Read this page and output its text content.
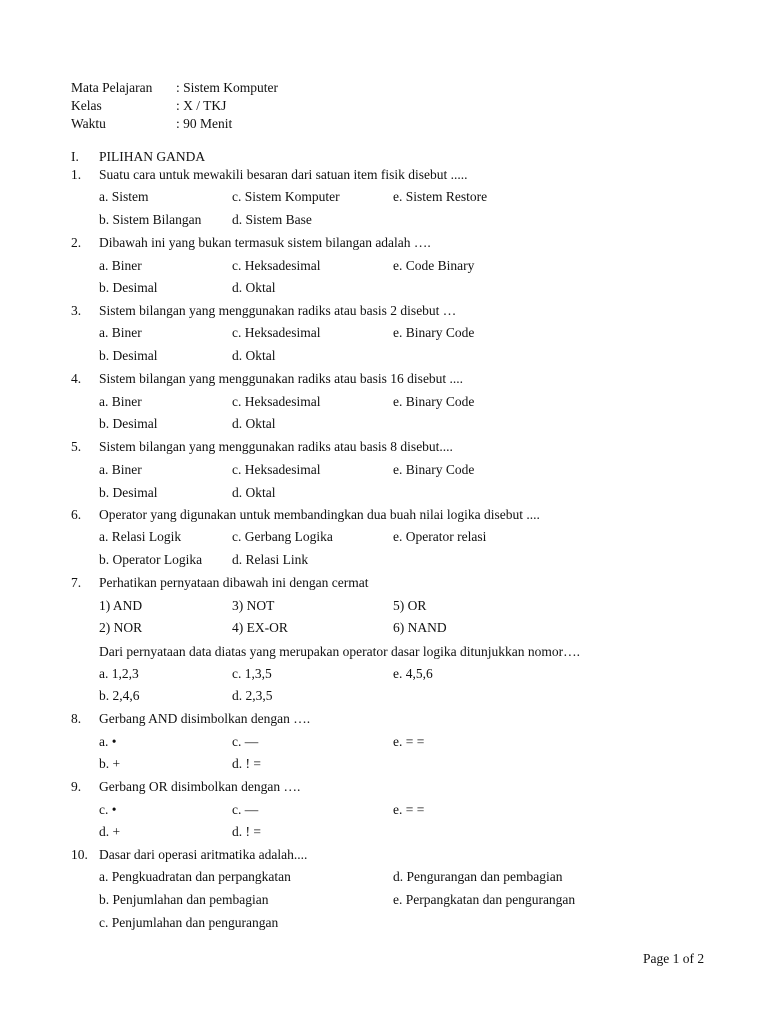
Mata Pelajaran : Sistem Komputer
Kelas	: X / TKJ
Waktu	: 90 Menit
I. PILIHAN GANDA
1. Suatu cara untuk mewakili besaran dari satuan item fisik disebut .....
a. Sistem	c. Sistem Komputer	e. Sistem Restore
b. Sistem Bilangan d. Sistem Base
2. Dibawah ini yang bukan termasuk sistem bilangan adalah ….
a. Biner	c. Heksadesimal	e. Code Binary
b. Desimal	d. Oktal
3. Sistem bilangan yang menggunakan radiks atau basis 2 disebut …
a. Biner	c. Heksadesimal	e. Binary Code
b. Desimal	d. Oktal
4. Sistem bilangan yang menggunakan radiks atau basis 16 disebut ....
a. Biner	c. Heksadesimal	e. Binary Code
b. Desimal	d. Oktal
5. Sistem bilangan yang menggunakan radiks atau basis 8 disebut....
a. Biner	c. Heksadesimal	e. Binary Code
b. Desimal	d. Oktal
6. Operator yang digunakan untuk membandingkan dua buah nilai logika disebut ....
a. Relasi Logik	c. Gerbang Logika	e. Operator relasi
b. Operator Logika d. Relasi Link
7. Perhatikan pernyataan dibawah ini dengan cermat
1) AND	3) NOT	5) OR
2) NOR	4) EX-OR	6) NAND
Dari pernyataan data diatas yang merupakan operator dasar logika ditunjukkan nomor….
a. 1,2,3	c. 1,3,5	e. 4,5,6
b. 2,4,6	d. 2,3,5
8. Gerbang AND disimbolkan dengan ….
a. •	c. —	e. = =
b. +	d. ! =
9. Gerbang OR disimbolkan dengan ….
c. •	c. —	e. = =
d. +	d. ! =
10. Dasar dari operasi aritmatika adalah....
a. Pengkuadratan dan perpangkatan	d. Pengurangan dan pembagian
b. Penjumlahan dan pembagian	e. Perpangkatan dan pengurangan
c. Penjumlahan dan pengurangan
Page 1 of 2
